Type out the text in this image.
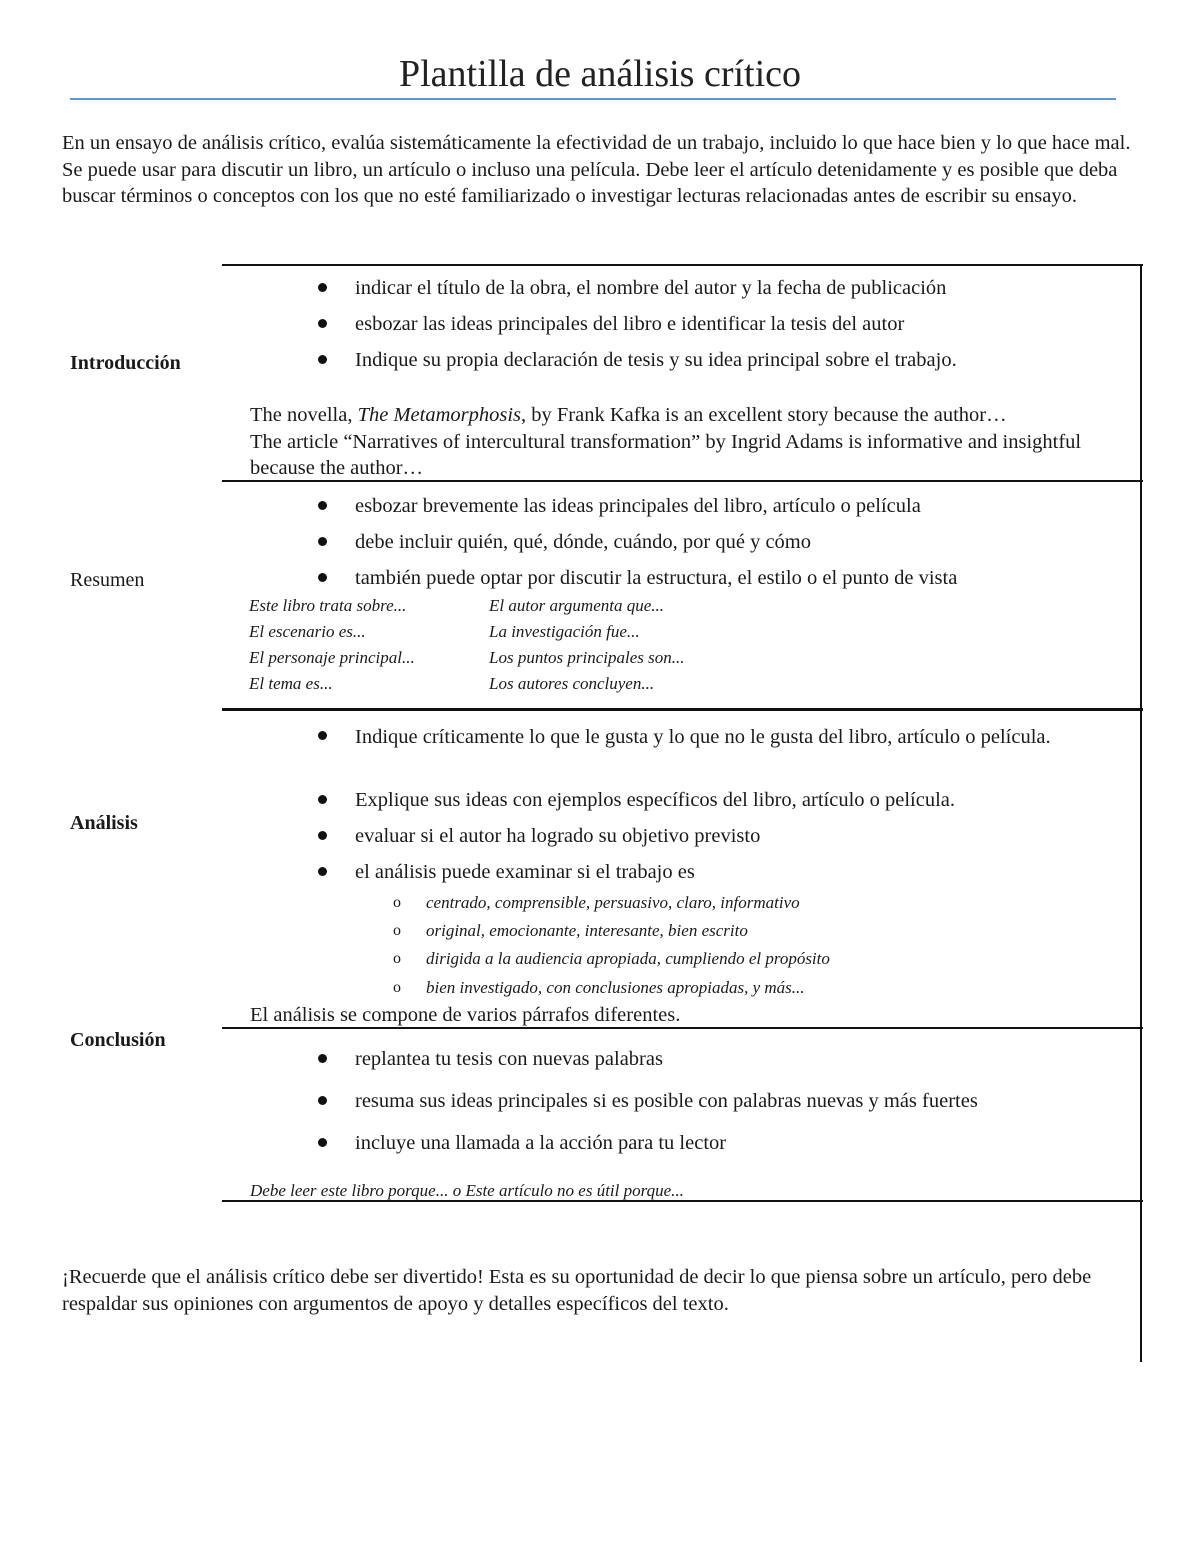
Plantilla de análisis crítico
En un ensayo de análisis crítico, evalúa sistemáticamente la efectividad de un trabajo, incluido lo que hace bien y lo que hace mal. Se puede usar para discutir un libro, un artículo o incluso una película. Debe leer el artículo detenidamente y es posible que deba buscar términos o conceptos con los que no esté familiarizado o investigar lecturas relacionadas antes de escribir su ensayo.
Introducción
indicar el título de la obra, el nombre del autor y la fecha de publicación
esbozar las ideas principales del libro e identificar la tesis del autor
Indique su propia declaración de tesis y su idea principal sobre el trabajo.
The novella, The Metamorphosis, by Frank Kafka is an excellent story because the author…
The article “Narratives of intercultural transformation” by Ingrid Adams is informative and insightful because the author…
Resumen
esbozar brevemente las ideas principales del libro, artículo o película
debe incluir quién, qué, dónde, cuándo, por qué y cómo
también puede optar por discutir la estructura, el estilo o el punto de vista
Este libro trata sobre...
El escenario es...
El personaje principal...
El tema es...
El autor argumenta que...
La investigación fue...
Los puntos principales son...
Los autores concluyen...
Análisis
Indique críticamente lo que le gusta y lo que no le gusta del libro, artículo o película.
Explique sus ideas con ejemplos específicos del libro, artículo o película.
evaluar si el autor ha logrado su objetivo previsto
el análisis puede examinar si el trabajo es
o centrado, comprensible, persuasivo, claro, informativo
o original, emocionante, interesante, bien escrito
o dirigida a la audiencia apropiada, cumpliendo el propósito
o bien investigado, con conclusiones apropiadas, y más...
El análisis se compone de varios párrafos diferentes.
Conclusión
replantea tu tesis con nuevas palabras
resuma sus ideas principales si es posible con palabras nuevas y más fuertes
incluye una llamada a la acción para tu lector
Debe leer este libro porque... o Este artículo no es útil porque...
¡Recuerde que el análisis crítico debe ser divertido! Esta es su oportunidad de decir lo que piensa sobre un artículo, pero debe respaldar sus opiniones con argumentos de apoyo y detalles específicos del texto.
